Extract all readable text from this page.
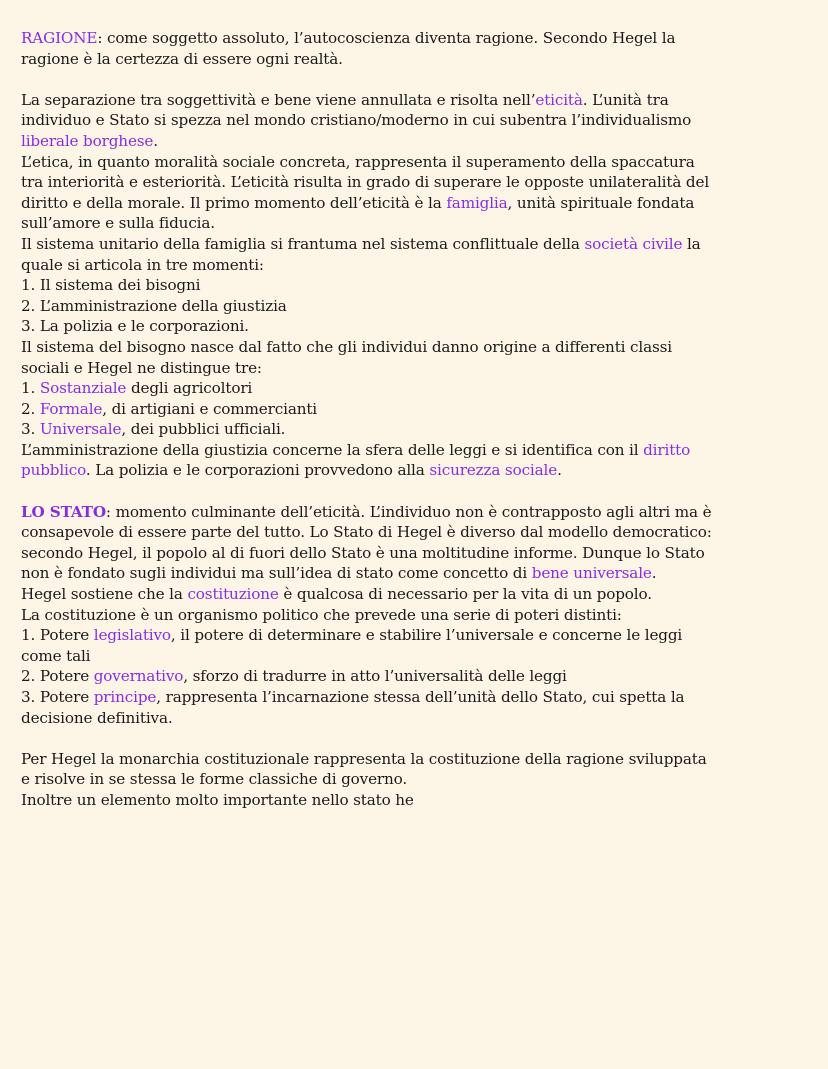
RAGIONE: come soggetto assoluto, l’autocoscienza diventa ragione. Secondo Hegel la
ragione è la certezza di essere ogni realtà.
La separazione tra soggettività e bene viene annullata e risolta nell’eticità. L’unità tra
individuo e Stato si spezza nel mondo cristiano/moderno in cui subentra l’individualismo
liberale borghese.
L’etica, in quanto moralità sociale concreta, rappresenta il superamento della spaccatura
tra interiorità e esteriorità. L’eticità risulta in grado di superare le opposte unilateralità del
diritto e della morale. Il primo momento dell’eticità è la famiglia, unità spirituale fondata
sull’amore e sulla fiducia.
Il sistema unitario della famiglia si frantuma nel sistema conflittuale della società civile la
quale si articola in tre momenti:
1. Il sistema dei bisogni
2. L’amministrazione della giustizia
3. La polizia e le corporazioni.
Il sistema del bisogno nasce dal fatto che gli individui danno origine a differenti classi
sociali e Hegel ne distingue tre:
1. Sostanziale degli agricoltori
2. Formale, di artigiani e commercianti
3. Universale, dei pubblici ufficiali.
L’amministrazione della giustizia concerne la sfera delle leggi e si identifica con il diritto
pubblico. La polizia e le corporazioni provvedono alla sicurezza sociale.
LO STATO: momento culminante dell’eticità. L’individuo non è contrapposto agli altri ma è
consapevole di essere parte del tutto. Lo Stato di Hegel è diverso dal modello democratico:
secondo Hegel, il popolo al di fuori dello Stato è una moltitudine informe. Dunque lo Stato
non è fondato sugli individui ma sull’idea di stato come concetto di bene universale.
Hegel sostiene che la costituzione è qualcosa di necessario per la vita di un popolo.
La costituzione è un organismo politico che prevede una serie di poteri distinti:
1. Potere legislativo, il potere di determinare e stabilire l’universale e concerne le leggi
come tali
2. Potere governativo, sforzo di tradurre in atto l’universalità delle leggi
3. Potere principe, rappresenta l’incarnazione stessa dell’unità dello Stato, cui spetta la
decisione definitiva.
Per Hegel la monarchia costituzionale rappresenta la costituzione della ragione sviluppata
e risolve in se stessa le forme classiche di governo.
Inoltre un elemento molto importante nello stato he
